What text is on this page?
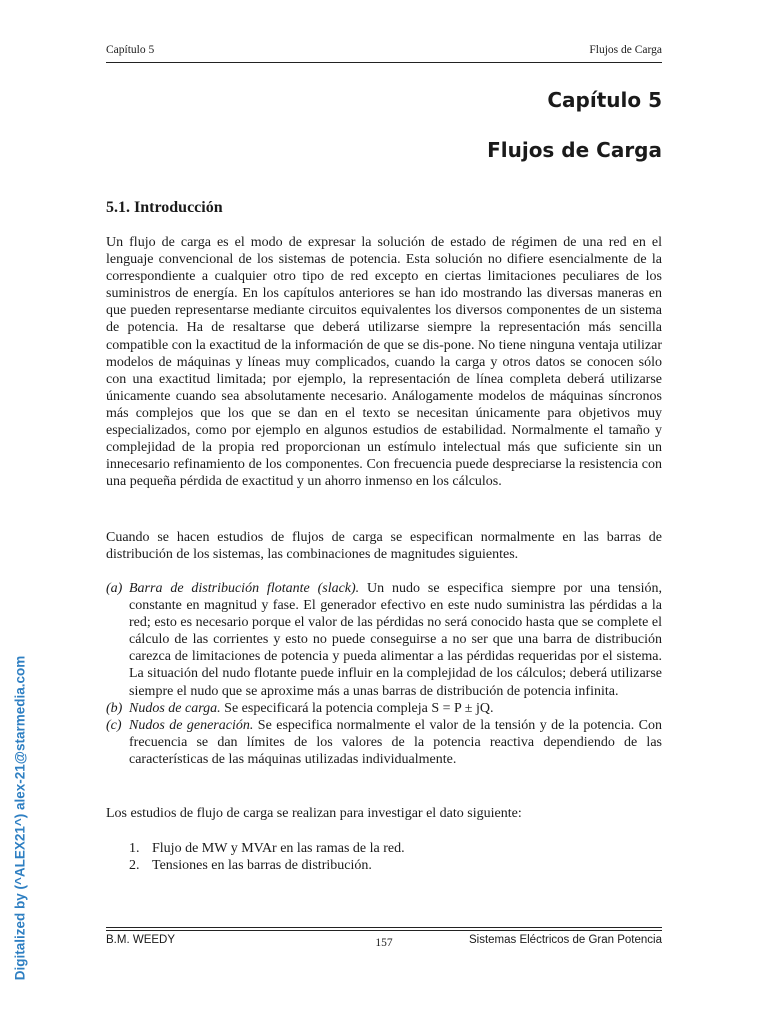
Capítulo 5	Flujos de Carga
Capítulo 5
Flujos de Carga
5.1. Introducción

Un flujo de carga es el modo de expresar la solución de estado de régimen de una red en el lenguaje convencional de los sistemas de potencia. Esta solución no difiere esencialmente de la correspondiente a cualquier otro tipo de red excepto en ciertas limitaciones peculiares de los suministros de energía. En los capítulos anteriores se han ido mostrando las diversas maneras en que pueden representarse mediante circuitos equivalentes los diversos componentes de un sistema de potencia. Ha de resaltarse que deberá utilizarse siempre la representación más sencilla compatible con la exactitud de la información de que se dis-pone. No tiene ninguna ventaja utilizar modelos de máquinas y líneas muy complicados, cuando la carga y otros datos se conocen sólo con una exactitud limitada; por ejemplo, la representación de línea completa deberá utilizarse únicamente cuando sea absolutamente necesario. Análogamente modelos de máquinas síncronos más complejos que los que se dan en el texto se necesitan únicamente para objetivos muy especializados, como por ejemplo en algunos estudios de estabilidad. Normalmente el tamaño y complejidad de la propia red proporcionan un estímulo intelectual más que suficiente sin un innecesario refinamiento de los componentes. Con frecuencia puede despreciarse la resistencia con una pequeña pérdida de exactitud y un ahorro inmenso en los cálculos.

Cuando se hacen estudios de flujos de carga se especifican normalmente en las barras de distribución de los sistemas, las combinaciones de magnitudes siguientes.

(a) Barra de distribución flotante (slack). Un nudo se especifica siempre por una tensión, constante en magnitud y fase. El generador efectivo en este nudo suministra las pérdidas a la red; esto es necesario porque el valor de las pérdidas no será conocido hasta que se complete el cálculo de las corrientes y esto no puede conseguirse a no ser que una barra de distribución carezca de limitaciones de potencia y pueda alimentar a las pérdidas requeridas por el sistema. La situación del nudo flotante puede influir en la complejidad de los cálculos; deberá utilizarse siempre el nudo que se aproxime más a unas barras de distribución de potencia infinita.
(b) Nudos de carga. Se especificará la potencia compleja S = P ± jQ.
(c) Nudos de generación. Se especifica normalmente el valor de la tensión y de la potencia. Con frecuencia se dan límites de los valores de la potencia reactiva dependiendo de las características de las máquinas utilizadas individualmente.

Los estudios de flujo de carga se realizan para investigar el dato siguiente:

1. Flujo de MW y MVAr en las ramas de la red.
2. Tensiones en las barras de distribución.
B.M. WEEDY	157	Sistemas Eléctricos de Gran Potencia
Digitalized by (^ALEX21^) alex-21@starmedia.com
